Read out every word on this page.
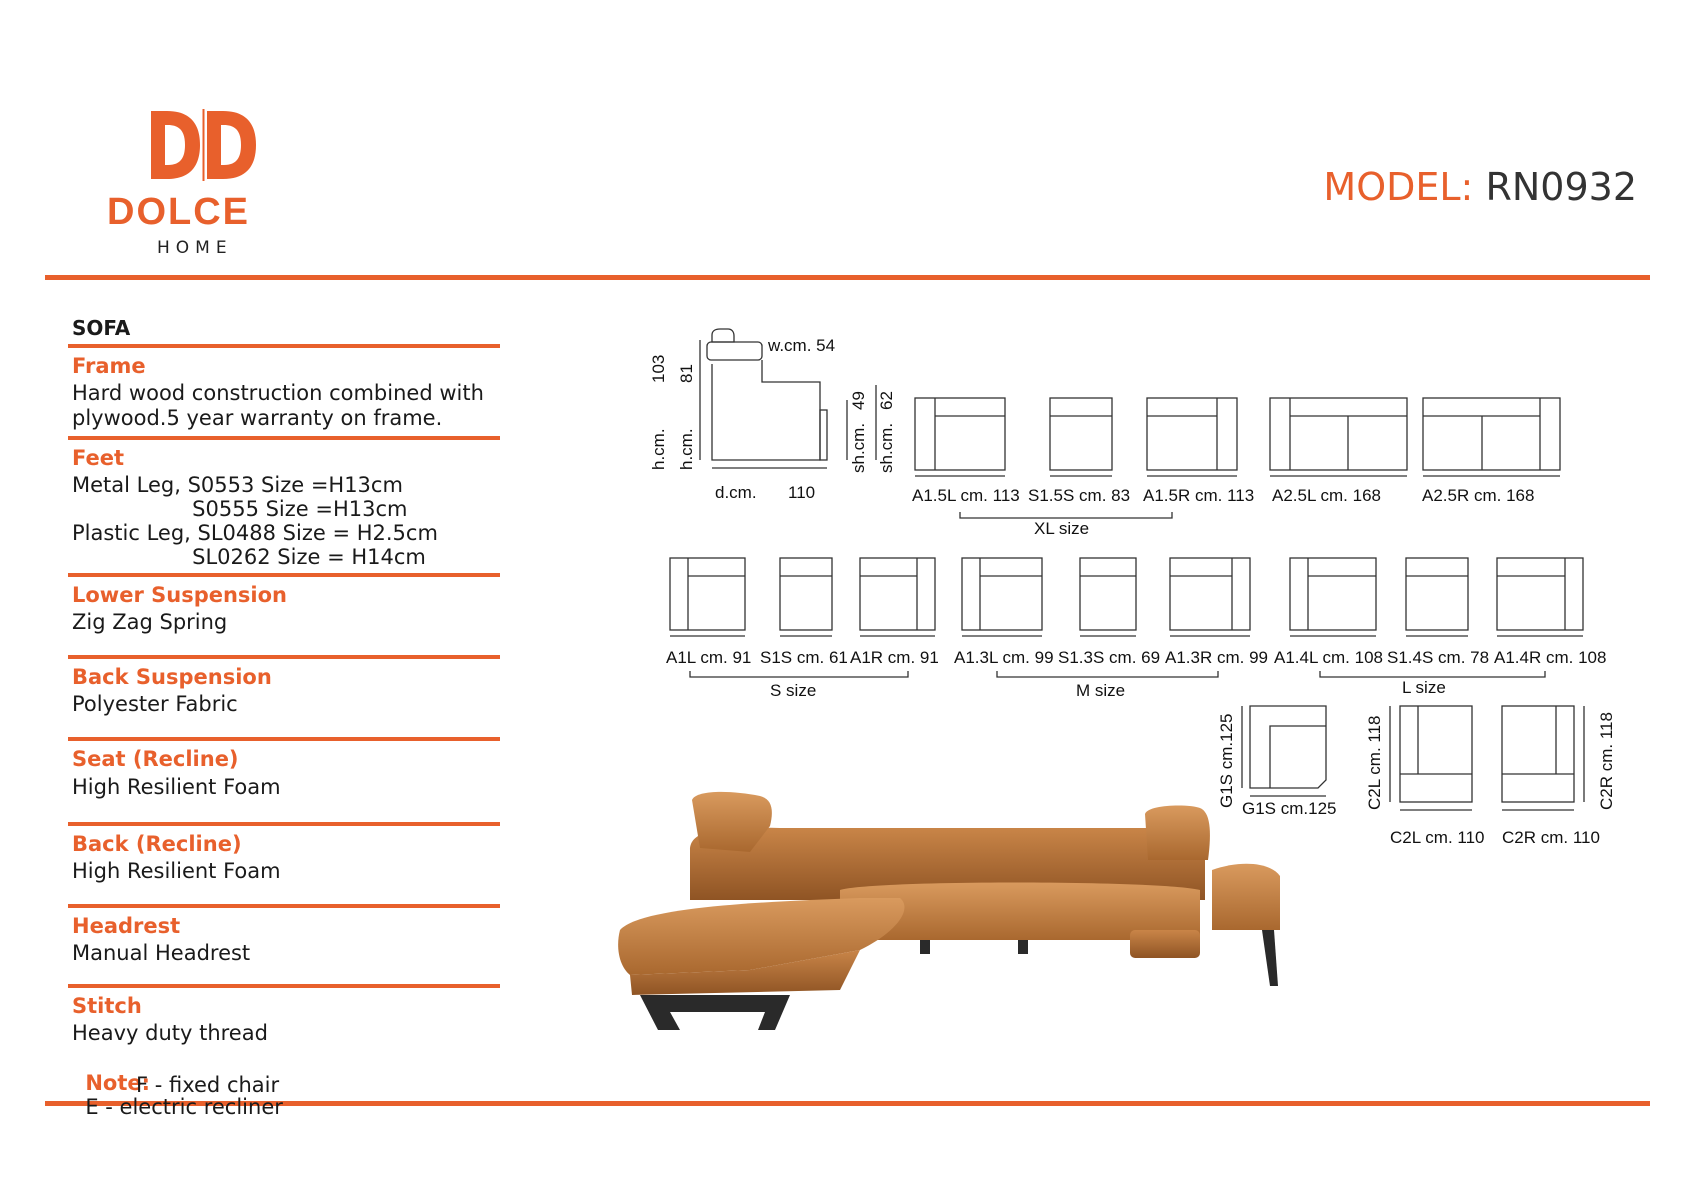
DOLCE
HOME
MODEL: RN0932
SOFA
Frame
Hard wood construction combined with
plywood.5 year warranty on frame.
Feet
Metal Leg, S0553 Size =H13cm
S0555 Size =H13cm
Plastic Leg, SL0488 Size = H2.5cm
SL0262 Size = H14cm
Lower Suspension
Zig Zag Spring
Back Suspension
Polyester Fabric
Seat (Recline)
High Resilient Foam
Back (Recline)
High Resilient Foam
Headrest
Manual Headrest
Stitch
Heavy duty thread

Note:
E - electric recliner

F - fixed chair
w.cm. 54
103 81
h.cm. h.cm.
49 62
sh.cm. sh.cm.
d.cm. 110	A1.5L cm. 113 S1.5S cm. 83 A1.5R cm. 113 A2.5L cm. 168 A2.5R cm. 168
XL size
A1L cm. 91 S1S cm. 61 A1R cm. 91 A1.3L cm. 99 S1.3S cm. 69 A1.3R cm. 99 A1.4L cm. 108 S1.4S cm. 78 A1.4R cm. 108
S size	M size	L size
G1S cm.125
G1S cm.125 C2L cm. 118	C2R cm. 118
C2L cm. 110 C2R cm. 110
